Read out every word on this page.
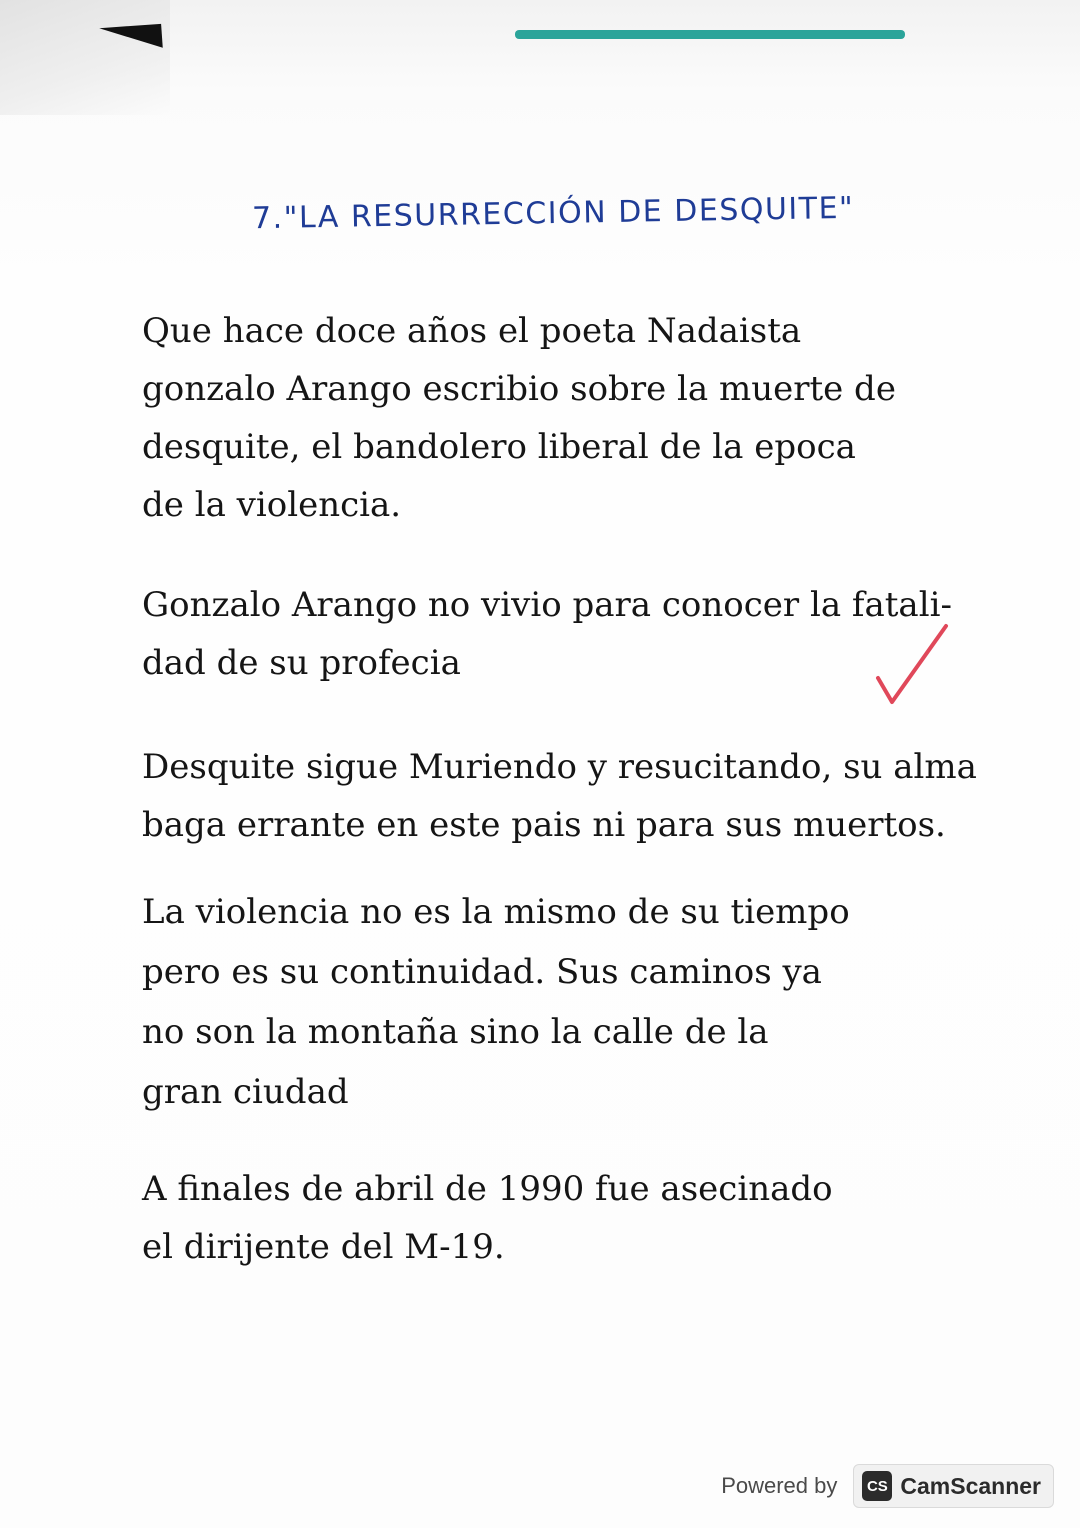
7."LA RESURRECCIÓN DE DESQUITE"
Que hace doce años el poeta Nadaista
gonzalo Arango escribio sobre la muerte de
desquite, el bandolero liberal de la epoca
de la violencia.
Gonzalo Arango no vivio para conocer la fatali-
dad de su profecia
Desquite sigue Muriendo y resucitando, su alma
baga errante en este pais ni para sus muertos.
La violencia no es la mismo de su tiempo
pero es su continuidad. Sus caminos ya
no son la montaña sino la calle de la
gran ciudad
A finales de abril de 1990 fue asecinado
el dirijente del M-19.
Powered by	CS CamScanner
